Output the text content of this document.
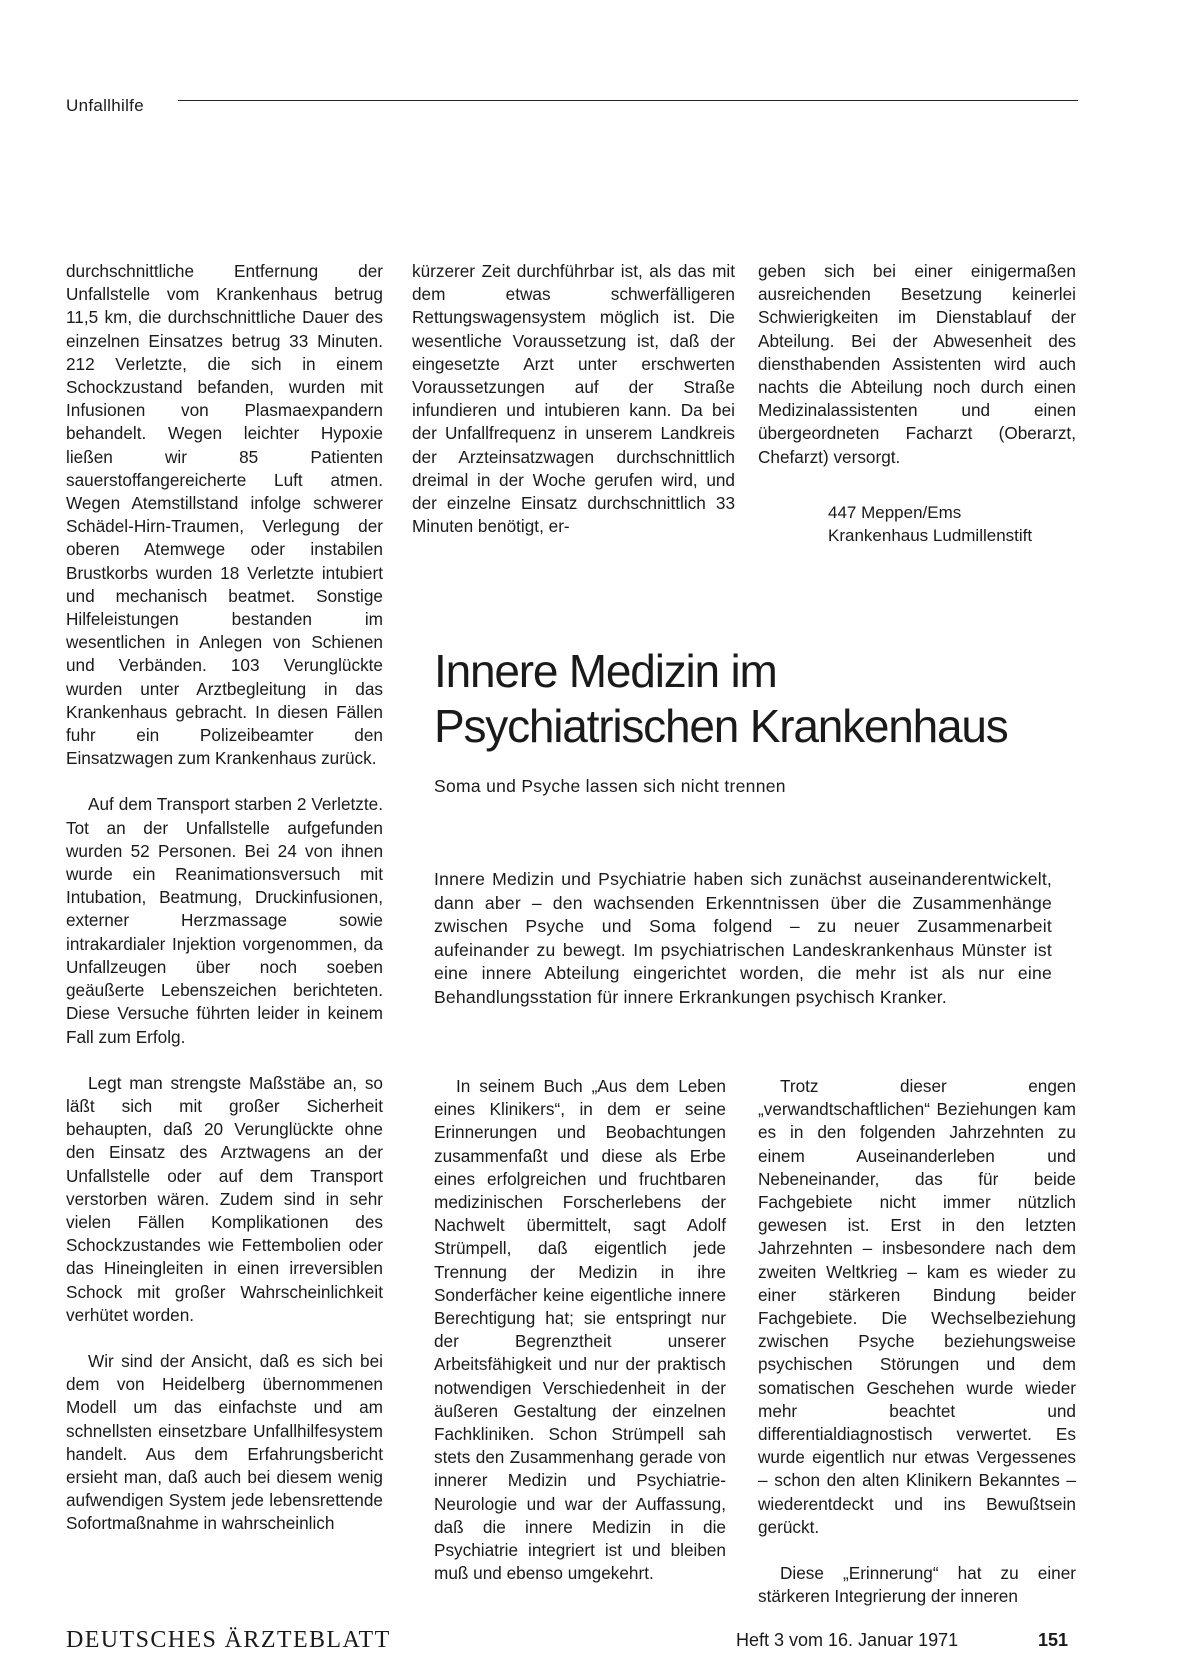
Unfallhilfe

durchschnittliche Entfernung der Unfallstelle vom Krankenhaus betrug 11,5 km, die durchschnittliche Dauer des einzelnen Einsatzes betrug 33 Minuten. 212 Verletzte, die sich in einem Schockzustand befanden, wurden mit Infusionen von Plasmaexpandern behandelt. Wegen leichter Hypoxie ließen wir 85 Patienten sauerstoffangereicherte Luft atmen. Wegen Atemstillstand infolge schwerer Schädel-Hirn-Traumen, Verlegung der oberen Atemwege oder instabilen Brustkorbs wurden 18 Verletzte intubiert und mechanisch beatmet. Sonstige Hilfeleistungen bestanden im wesentlichen in Anlegen von Schienen und Verbänden. 103 Verunglückte wurden unter Arztbegleitung in das Krankenhaus gebracht. In diesen Fällen fuhr ein Polizeibeamter den Einsatzwagen zum Krankenhaus zurück.

Auf dem Transport starben 2 Verletzte. Tot an der Unfallstelle aufgefunden wurden 52 Personen. Bei 24 von ihnen wurde ein Reanimationsversuch mit Intubation, Beatmung, Druckinfusionen, externer Herzmassage sowie intrakardialer Injektion vorgenommen, da Unfallzeugen über noch soeben geäußerte Lebenszeichen berichteten. Diese Versuche führten leider in keinem Fall zum Erfolg.

Legt man strengste Maßstäbe an, so läßt sich mit großer Sicherheit behaupten, daß 20 Verunglückte ohne den Einsatz des Arztwagens an der Unfallstelle oder auf dem Transport verstorben wären. Zudem sind in sehr vielen Fällen Komplikationen des Schockzustandes wie Fettembolien oder das Hineingleiten in einen irreversiblen Schock mit großer Wahrscheinlichkeit verhütet worden.

Wir sind der Ansicht, daß es sich bei dem von Heidelberg übernommenen Modell um das einfachste und am schnellsten einsetzbare Unfallhilfesystem handelt. Aus dem Erfahrungsbericht ersieht man, daß auch bei diesem wenig aufwendigen System jede lebensrettende Sofortmaßnahme in wahrscheinlich

kürzerer Zeit durchführbar ist, als das mit dem etwas schwerfälligeren Rettungswagensystem möglich ist. Die wesentliche Voraussetzung ist, daß der eingesetzte Arzt unter erschwerten Voraussetzungen auf der Straße infundieren und intubieren kann. Da bei der Unfallfrequenz in unserem Landkreis der Arzteinsatzwagen durchschnittlich dreimal in der Woche gerufen wird, und der einzelne Einsatz durchschnittlich 33 Minuten benötigt, er-

geben sich bei einer einigermaßen ausreichenden Besetzung keinerlei Schwierigkeiten im Dienstablauf der Abteilung. Bei der Abwesenheit des diensthabenden Assistenten wird auch nachts die Abteilung noch durch einen Medizinalassistenten und einen übergeordneten Facharzt (Oberarzt, Chefarzt) versorgt.

447 Meppen/Ems
Krankenhaus Ludmillenstift
Innere Medizin im
Psychiatrischen Krankenhaus
Soma und Psyche lassen sich nicht trennen
Innere Medizin und Psychiatrie haben sich zunächst auseinanderentwickelt, dann aber – den wachsenden Erkenntnissen über die Zusammenhänge zwischen Psyche und Soma folgend – zu neuer Zusammenarbeit aufeinander zu bewegt. Im psychiatrischen Landeskrankenhaus Münster ist eine innere Abteilung eingerichtet worden, die mehr ist als nur eine Behandlungsstation für innere Erkrankungen psychisch Kranker.

In seinem Buch „Aus dem Leben eines Klinikers“, in dem er seine Erinnerungen und Beobachtungen zusammenfaßt und diese als Erbe eines erfolgreichen und fruchtbaren medizinischen Forscherlebens der Nachwelt übermittelt, sagt Adolf Strümpell, daß eigentlich jede Trennung der Medizin in ihre Sonderfächer keine eigentliche innere Berechtigung hat; sie entspringt nur der Begrenztheit unserer Arbeitsfähigkeit und nur der praktisch notwendigen Verschiedenheit in der äußeren Gestaltung der einzelnen Fachkliniken. Schon Strümpell sah stets den Zusammenhang gerade von innerer Medizin und Psychiatrie-Neurologie und war der Auffassung, daß die innere Medizin in die Psychiatrie integriert ist und bleiben muß und ebenso umgekehrt.

Trotz dieser engen „verwandtschaftlichen“ Beziehungen kam es in den folgenden Jahrzehnten zu einem Auseinanderleben und Nebeneinander, das für beide Fachgebiete nicht immer nützlich gewesen ist. Erst in den letzten Jahrzehnten – insbesondere nach dem zweiten Weltkrieg – kam es wieder zu einer stärkeren Bindung beider Fachgebiete. Die Wechselbeziehung zwischen Psyche beziehungsweise psychischen Störungen und dem somatischen Geschehen wurde wieder mehr beachtet und differentialdiagnostisch verwertet. Es wurde eigentlich nur etwas Vergessenes – schon den alten Klinikern Bekanntes – wiederentdeckt und ins Bewußtsein gerückt.

Diese „Erinnerung“ hat zu einer stärkeren Integrierung der inneren

DEUTSCHES ÄRZTEBLATT	Heft 3 vom 16. Januar 1971	151
